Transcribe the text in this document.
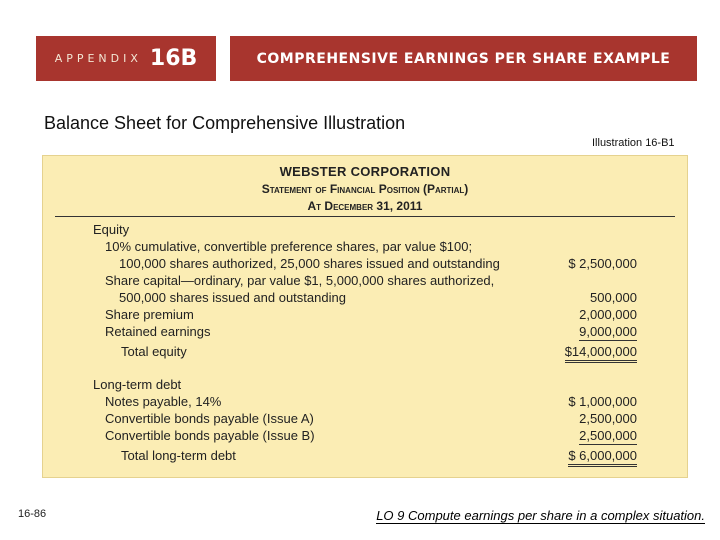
APPENDIX 16B	COMPREHENSIVE EARNINGS PER SHARE EXAMPLE
Balance Sheet for Comprehensive Illustration
Illustration 16-B1
WEBSTER CORPORATION
Statement of Financial Position (Partial)
At December 31, 2011
Equity
10% cumulative, convertible preference shares, par value $100;
100,000 shares authorized, 25,000 shares issued and outstanding	$ 2,500,000
Share capital—ordinary, par value $1, 5,000,000 shares authorized,
500,000 shares issued and outstanding	500,000
Share premium	2,000,000
Retained earnings	9,000,000
Total equity	$14,000,000
Long-term debt
Notes payable, 14%	$ 1,000,000
Convertible bonds payable (Issue A)	2,500,000
Convertible bonds payable (Issue B)	2,500,000
Total long-term debt	$ 6,000,000
16-86	LO 9 Compute earnings per share in a complex situation.
